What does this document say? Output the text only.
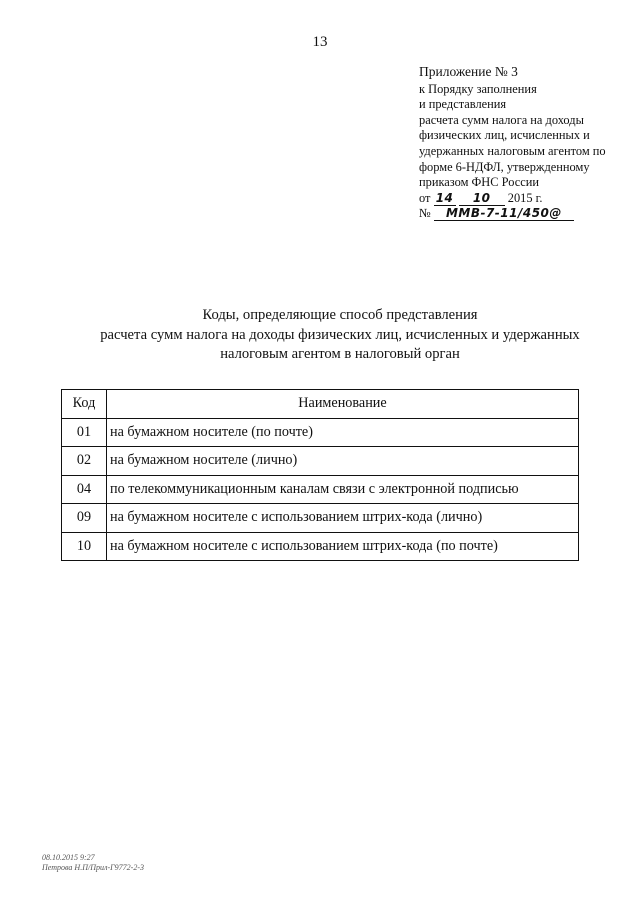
13
Приложение № 3
к Порядку заполнения
и представления
расчета сумм налога на доходы
физических лиц, исчисленных и
удержанных налоговым агентом по
форме 6-НДФЛ, утвержденному
приказом ФНС России
от 14 10 2015 г.
№ ММВ-7-11/450@
Коды, определяющие способ представления
расчета сумм налога на доходы физических лиц, исчисленных и удержанных
налоговым агентом в налоговый орган
Код	Наименование
01	на бумажном носителе (по почте)
02	на бумажном носителе (лично)
04	по телекоммуникационным каналам связи с электронной подписью
09	на бумажном носителе с использованием штрих-кода (лично)
10	на бумажном носителе с использованием штрих-кода (по почте)
08.10.2015 9:27
Петрова Н.П/Прил-Г9772-2-3
